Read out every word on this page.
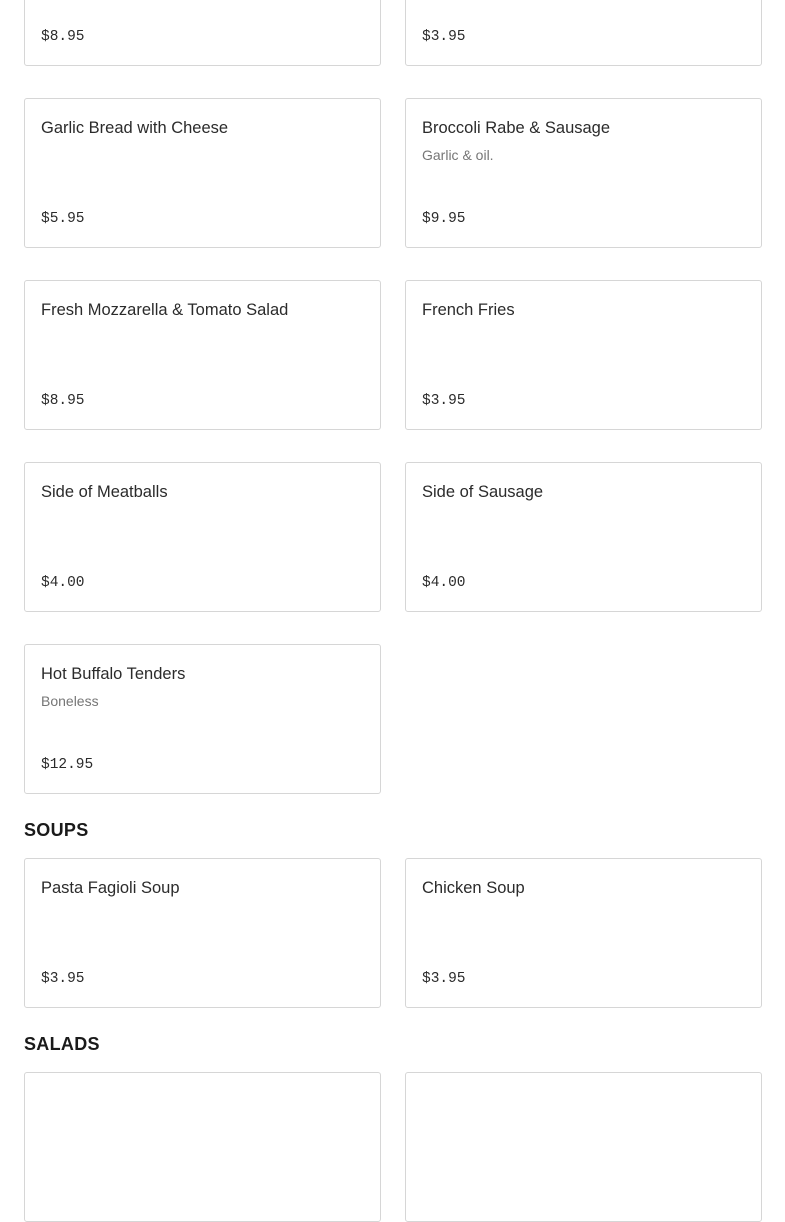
$8.95	$3.95
Garlic Bread with Cheese
$5.95
Broccoli Rabe & Sausage
Garlic & oil.
$9.95
Fresh Mozzarella & Tomato Salad
$8.95
French Fries
$3.95
Side of Meatballs
$4.00
Side of Sausage
$4.00
Hot Buffalo Tenders
Boneless
$12.95
SOUPS
Pasta Fagioli Soup
$3.95
Chicken Soup
$3.95
SALADS
